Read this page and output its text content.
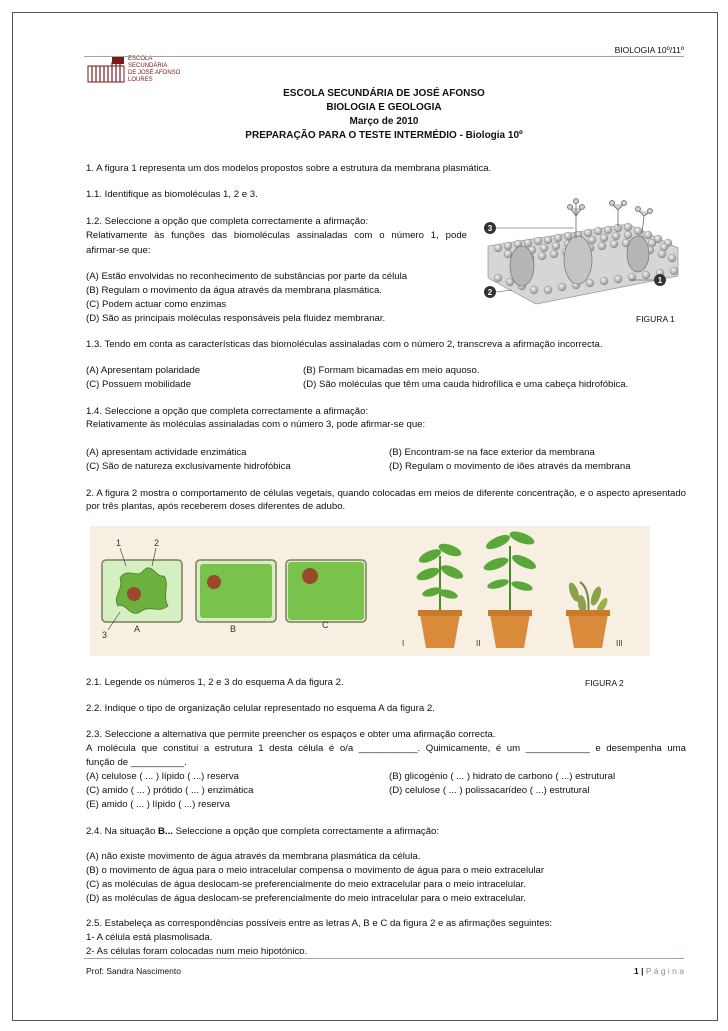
ESCOLA
SECUNDÁRIA
DE JOSÉ AFONSO
LOURES
BIOLOGIA 10º/11º
ESCOLA SECUNDÁRIA DE JOSÉ AFONSO
BIOLOGIA E GEOLOGIA
Março de 2010
PREPARAÇÃO PARA O TESTE INTERMÉDIO - Biologia 10º
1. A figura 1 representa um dos modelos propostos sobre a estrutura da membrana plasmática.
1.1. Identifique as biomoléculas 1, 2 e 3.
1.2. Seleccione a opção que completa correctamente a afirmação:
Relativamente às funções das biomoléculas assinaladas com o número 1, pode
afirmar-se que:
(A) Estão envolvidas no reconhecimento de substâncias por parte da célula
(B) Regulam o movimento da água através da membrana plasmática.
(C) Podem actuar como enzimas
(D) São as principais moléculas responsáveis pela fluidez membranar.
3
2
1
FIGURA 1
1.3. Tendo em conta as características das biomoléculas assinaladas com o número 2, transcreva a afirmação incorrecta.
(A) Apresentam polaridade	(B) Formam bicamadas em meio aquoso.
(C) Possuem mobilidade	(D) São moléculas que têm uma cauda hidrofílica e uma cabeça hidrofóbica.
1.4. Seleccione a opção que completa correctamente a afirmação:
Relativamente às moléculas assinaladas com o número 3, pode afirmar-se que:
(A) apresentam actividade enzimática	(B) Encontram-se na face exterior da membrana
(C) São de natureza exclusivamente hidrofóbica	(D) Regulam o movimento de iões através da membrana
2. A figura 2 mostra o comportamento de células vegetais, quando colocadas em meios de diferente concentração, e o aspecto apresentado por três plantas, após receberem doses diferentes de adubo.
1	2
3
A	B	C
I	II	III
2.1. Legende os números 1, 2 e 3 do esquema A da figura 2.	FIGURA 2
2.2. Indique o tipo de organização celular representado no esquema A da figura 2.
2.3. Seleccione a alternativa que permite preencher os espaços e obter uma afirmação correcta.
A molécula que constitui a estrutura 1 desta célula é o/a ___________. Quimicamente, é um ____________ e desempenha uma
função de __________.
(A) celulose ( ... ) lípido ( ...) reserva	(B) glicogénio ( ... ) hidrato de carbono ( ...) estrutural
(C) amido ( ... ) prótido ( ... ) enzimática	(D) celulose ( ... ) polissacarídeo ( ...) estrutural
(E) amido ( ... ) lípido ( ...) reserva
2.4. Na situação B... Seleccione a opção que completa correctamente a afirmação:
(A) não existe movimento de água através da membrana plasmática da célula.
(B) o movimento de água para o meio intracelular compensa o movimento de água para o meio extracelular
(C) as moléculas de água deslocam-se preferencialmente do meio extracelular para o meio intracelular.
(D) as moléculas de água deslocam-se preferencialmente do meio intracelular para o meio extracelular.
2.5. Estabeleça as correspondências possíveis entre as letras A, B e C da figura 2 e as afirmações seguintes:
1- A célula está plasmolisada.
2- As células foram colocadas num meio hipotónico.
Prof: Sandra Nascimento	1 | P á g i n a
